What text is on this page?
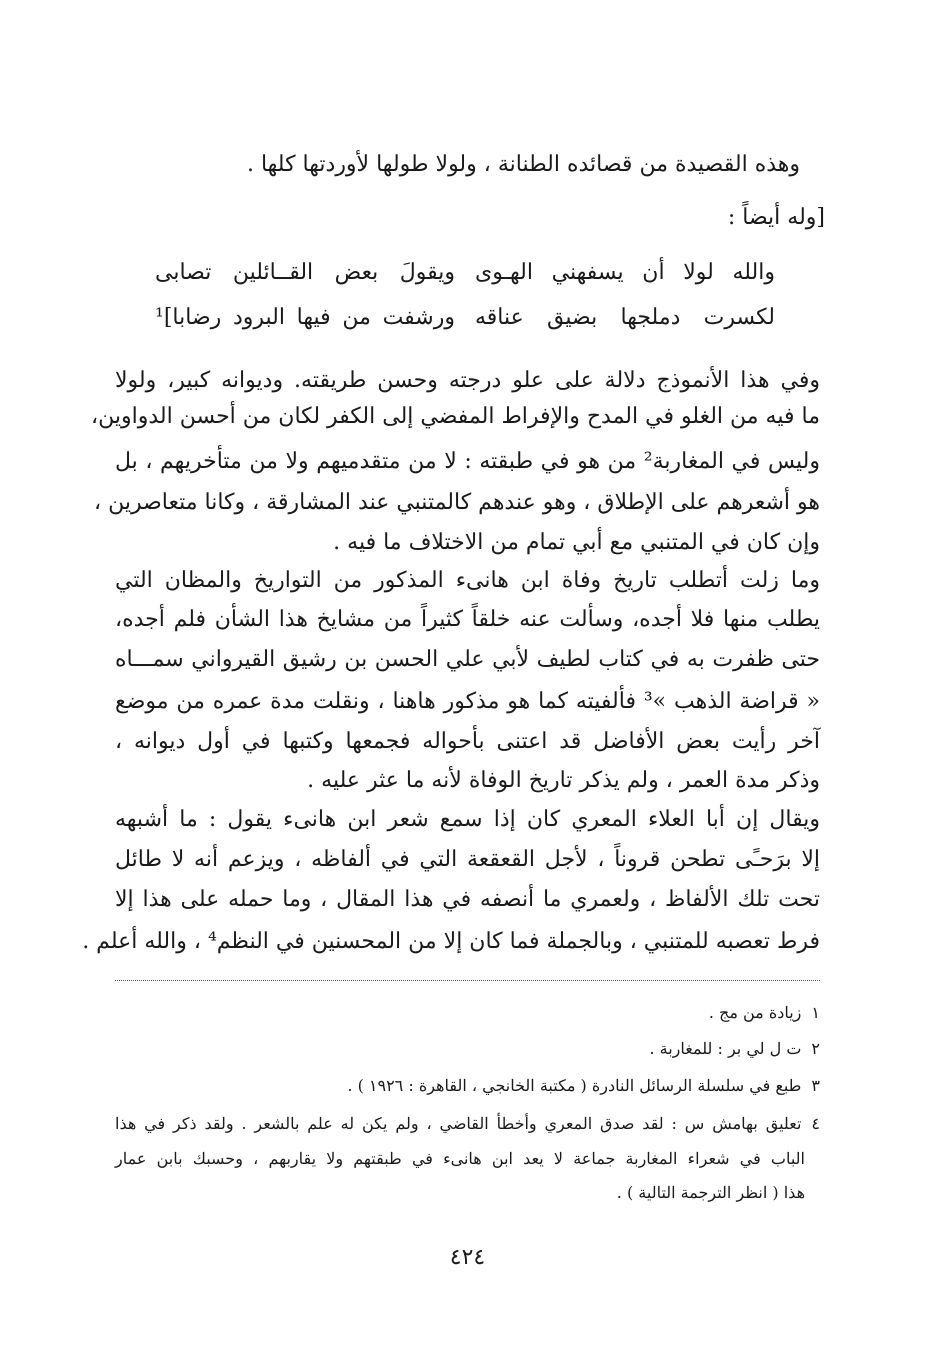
وهذه القصيدة من قصائده الطنانة ، ولولا طولها لأوردتها كلها .
[وله أيضاً :
والله لولا أن يسفهني الهـوى
ويقولَ بعض القــائلين تصابى
لكسرت دملجها بضيق عناقه
ورشفت من فيها البرود رضابا]¹
وفي هذا الأنموذج دلالة على علو درجته وحسن طريقته. وديوانه كبير، ولولا
ما فيه من الغلو في المدح والإفراط المفضي إلى الكفر لكان من أحسن الدواوين،
وليس في المغاربة² من هو في طبقته : لا من متقدميهم ولا من متأخريهم ، بل
هو أشعرهم على الإطلاق ، وهو عندهم كالمتنبي عند المشارقة ، وكانا متعاصرين ،
وإن كان في المتنبي مع أبي تمام من الاختلاف ما فيه .
وما زلت أتطلب تاريخ وفاة ابن هانىء المذكور من التواريخ والمظان التي
يطلب منها فلا أجده، وسألت عنه خلقاً كثيراً من مشايخ هذا الشأن فلم أجده،
حتى ظفرت به في كتاب لطيف لأبي علي الحسن بن رشيق القيرواني سمـــاه
« قراضة الذهب »³ فألفيته كما هو مذكور هاهنا ، ونقلت مدة عمره من موضع
آخر رأيت بعض الأفاضل قد اعتنى بأحواله فجمعها وكتبها في أول ديوانه ،
وذكر مدة العمر ، ولم يذكر تاريخ الوفاة لأنه ما عثر عليه .
ويقال إن أبا العلاء المعري كان إذا سمع شعر ابن هانىء يقول : ما أشبهه
إلا برَحـًى تطحن قروناً ، لأجل القعقعة التي في ألفاظه ، ويزعم أنه لا طائل
تحت تلك الألفاظ ، ولعمري ما أنصفه في هذا المقال ، وما حمله على هذا إلا
فرط تعصبه للمتنبي ، وبالجملة فما كان إلا من المحسنين في النظم⁴ ، والله أعلم .
١زيادة من مج .
٢ت ل لي بر : للمغاربة .
٣طبع في سلسلة الرسائل النادرة ( مكتبة الخانجي ، القاهرة : ١٩٢٦ ) .
٤تعليق بهامش س : لقد صدق المعري وأخطأ القاضي ، ولم يكن له علم بالشعر . ولقد ذكر في هذا
الباب في شعراء المغاربة جماعة لا يعد ابن هانىء في طبقتهم ولا يقاربهم ، وحسبك بابن عمار
هذا ( انظر الترجمة التالية ) .
٤٢٤
